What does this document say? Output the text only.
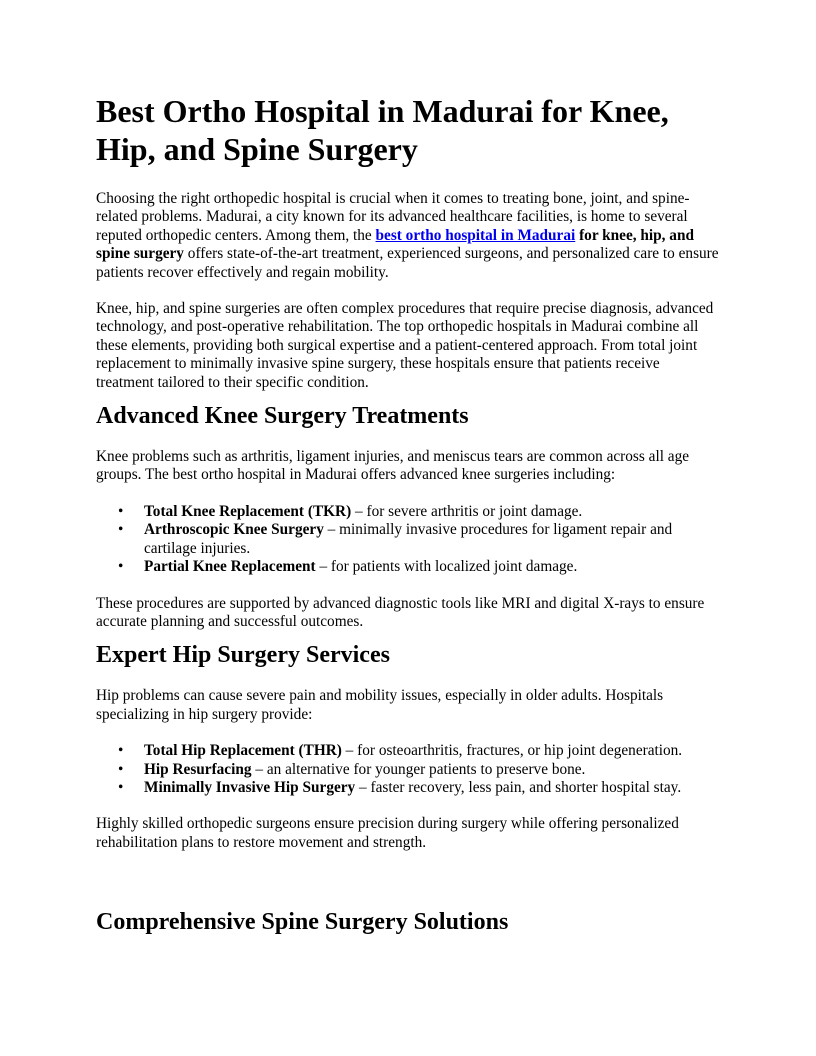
Best Ortho Hospital in Madurai for Knee, Hip, and Spine Surgery

Choosing the right orthopedic hospital is crucial when it comes to treating bone, joint, and spine-related problems. Madurai, a city known for its advanced healthcare facilities, is home to several reputed orthopedic centers. Among them, the best ortho hospital in Madurai for knee, hip, and spine surgery offers state-of-the-art treatment, experienced surgeons, and personalized care to ensure patients recover effectively and regain mobility.

Knee, hip, and spine surgeries are often complex procedures that require precise diagnosis, advanced technology, and post-operative rehabilitation. The top orthopedic hospitals in Madurai combine all these elements, providing both surgical expertise and a patient-centered approach. From total joint replacement to minimally invasive spine surgery, these hospitals ensure that patients receive treatment tailored to their specific condition.

Advanced Knee Surgery Treatments

Knee problems such as arthritis, ligament injuries, and meniscus tears are common across all age groups. The best ortho hospital in Madurai offers advanced knee surgeries including:

• Total Knee Replacement (TKR) – for severe arthritis or joint damage.
• Arthroscopic Knee Surgery – minimally invasive procedures for ligament repair and cartilage injuries.
• Partial Knee Replacement – for patients with localized joint damage.

These procedures are supported by advanced diagnostic tools like MRI and digital X-rays to ensure accurate planning and successful outcomes.

Expert Hip Surgery Services

Hip problems can cause severe pain and mobility issues, especially in older adults. Hospitals specializing in hip surgery provide:

• Total Hip Replacement (THR) – for osteoarthritis, fractures, or hip joint degeneration.
• Hip Resurfacing – an alternative for younger patients to preserve bone.
• Minimally Invasive Hip Surgery – faster recovery, less pain, and shorter hospital stay.

Highly skilled orthopedic surgeons ensure precision during surgery while offering personalized rehabilitation plans to restore movement and strength.

Comprehensive Spine Surgery Solutions
